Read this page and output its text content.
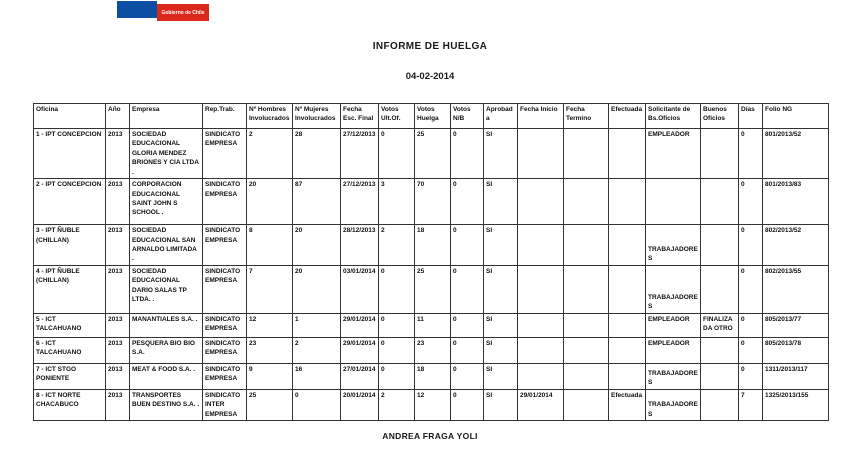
Gobierno de Chile
INFORME DE HUELGA
04-02-2014
Oficina	Año	Empresa	Rep.Trab.	Nº Hombres Involucrados	Nº Mujeres Involucrados	Fecha Esc. Final	Votos Ult.Of.	Votos Huelga	Votos N/B	Aprobada	Fecha Inicio	Fecha Termino	Efectuada	Solicitante de Bs.Oficios	Buenos Oficios	Días	Folio NG
1 - IPT CONCEPCION	2013	SOCIEDAD EDUCACIONAL GLORIA MENDEZ BRIONES Y CIA LTDA .	SINDICATO EMPRESA	2	28	27/12/2013	0	25	0	SI				EMPLEADOR		0	801/2013/52
2 - IPT CONCEPCION	2013	CORPORACION EDUCACIONAL SAINT JOHN S SCHOOL .	SINDICATO EMPRESA	20	87	27/12/2013	3	70	0	SI						0	801/2013/83
3 - IPT ÑUBLE (CHILLAN)	2013	SOCIEDAD EDUCACIONAL SAN ARNALDO LIMITADA .	SINDICATO EMPRESA	8	20	28/12/2013	2	18	0	SI				TRABAJADORES		0	802/2013/52
4 - IPT ÑUBLE (CHILLAN)	2013	SOCIEDAD EDUCACIONAL DARIO SALAS TP LTDA. .	SINDICATO EMPRESA	7	20	03/01/2014	0	25	0	SI				TRABAJADORES		0	802/2013/55
5 - ICT TALCAHUANO	2013	MANANTIALES S.A. .	SINDICATO EMPRESA	12	1	29/01/2014	0	11	0	SI				EMPLEADOR	FINALIZADA OTRO	0	805/2013/77
6 - ICT TALCAHUANO	2013	PESQUERA BIO BIO S.A.	SINDICATO EMPRESA	23	2	29/01/2014	0	23	0	SI				EMPLEADOR		0	805/2013/78
7 - ICT STGO PONIENTE	2013	MEAT & FOOD S.A. .	SINDICATO EMPRESA	9	16	27/01/2014	0	18	0	SI				TRABAJADORES		0	1311/2013/117
8 - ICT NORTE CHACABUCO	2013	TRANSPORTES BUEN DESTINO S.A. .	SINDICATO INTER EMPRESA	25	0	20/01/2014	2	12	0	SI	29/01/2014		Efectuada	TRABAJADORES		7	1325/2013/155
ANDREA FRAGA YOLI
